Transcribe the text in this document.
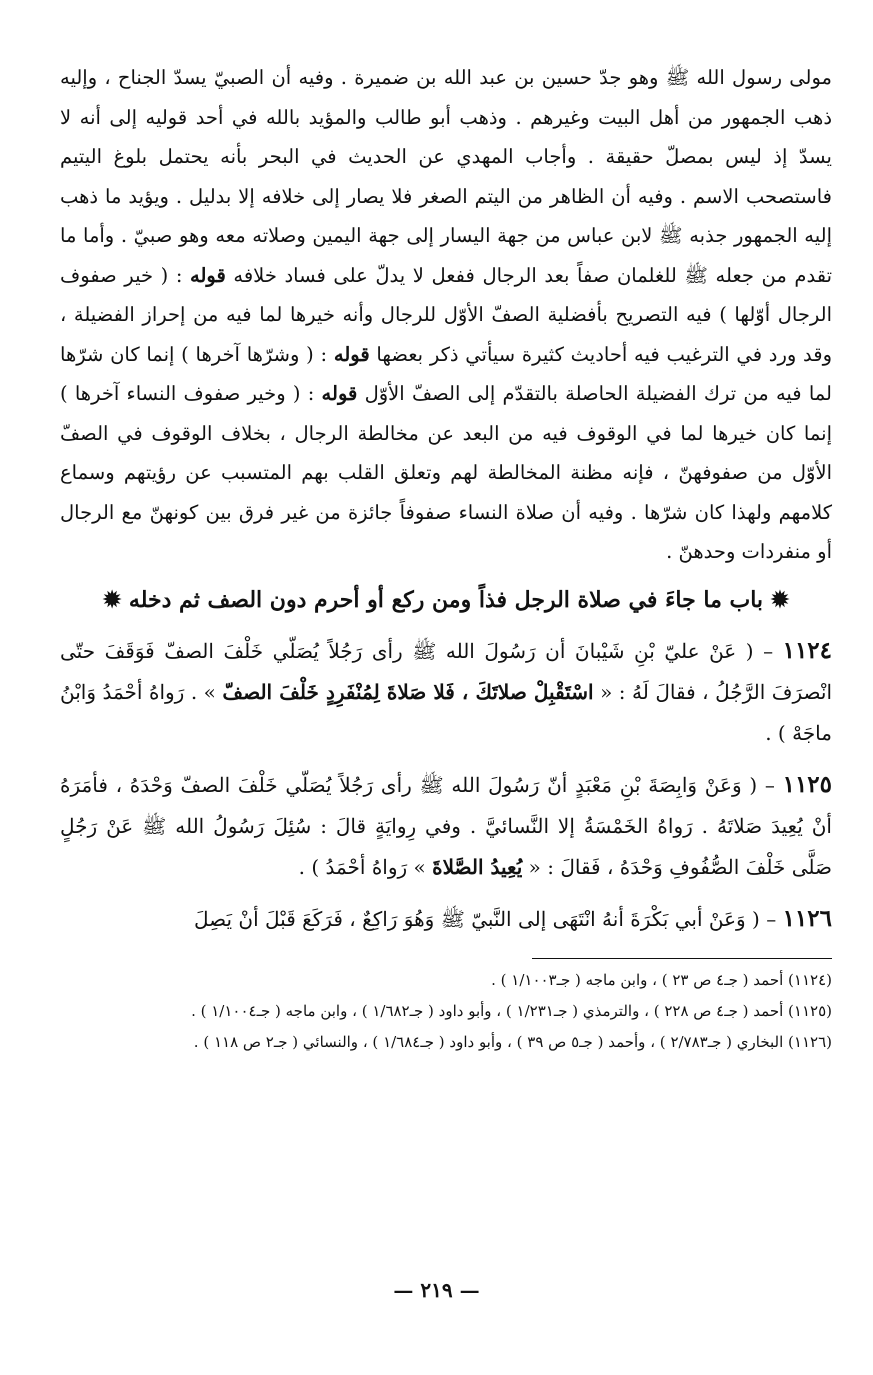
مولى رسول الله ﷺ وهو جدّ حسين بن عبد الله بن ضميرة . وفيه أن الصبيّ يسدّ الجناح ، وإليه ذهب الجمهور من أهل البيت وغيرهم . وذهب أبو طالب والمؤيد بالله في أحد قوليه إلى أنه لا يسدّ إذ ليس بمصلّ حقيقة . وأجاب المهدي عن الحديث في البحر بأنه يحتمل بلوغ اليتيم فاستصحب الاسم . وفيه أن الظاهر من اليتم الصغر فلا يصار إلى خلافه إلا بدليل . ويؤيد ما ذهب إليه الجمهور جذبه ﷺ لابن عباس من جهة اليسار إلى جهة اليمين وصلاته معه وهو صبيّ . وأما ما تقدم من جعله ﷺ للغلمان صفاً بعد الرجال ففعل لا يدلّ على فساد خلافه قوله : ( خير صفوف الرجال أوّلها ) فيه التصريح بأفضلية الصفّ الأوّل للرجال وأنه خيرها لما فيه من إحراز الفضيلة ، وقد ورد في الترغيب فيه أحاديث كثيرة سيأتي ذكر بعضها قوله : ( وشرّها آخرها ) إنما كان شرّها لما فيه من ترك الفضيلة الحاصلة بالتقدّم إلى الصفّ الأوّل قوله : ( وخير صفوف النساء آخرها ) إنما كان خيرها لما في الوقوف فيه من البعد عن مخالطة الرجال ، بخلاف الوقوف في الصفّ الأوّل من صفوفهنّ ، فإنه مظنة المخالطة لهم وتعلق القلب بهم المتسبب عن رؤيتهم وسماع كلامهم ولهذا كان شرّها . وفيه أن صلاة النساء صفوفاً جائزة من غير فرق بين كونهنّ مع الرجال أو منفردات وحدهنّ .

✹ باب ما جاءَ في صلاة الرجل فذاً ومن ركع أو أحرم دون الصف ثم دخله ✹

١١٢٤ – ( عَنْ عليّ بْنِ شَيْبانَ أن رَسُولَ الله ﷺ رأى رَجُلاً يُصَلّي خَلْفَ الصفّ فَوَقَفَ حتّى انْصرَفَ الرَّجُلُ ، فقالَ لَهُ : « اسْتَقْبِلْ صلاتَكَ ، فَلا صَلاةَ لِمُنْفَرِدٍ خَلْفَ الصفّ » . رَواهُ أحْمَدُ وَابْنُ ماجَهْ ) .

١١٢٥ – ( وَعَنْ وَابِصَةَ بْنِ مَعْبَدٍ أنّ رَسُولَ الله ﷺ رأى رَجُلاً يُصَلّي خَلْفَ الصفّ وَحْدَهُ ، فأمَرَهُ أنْ يُعِيدَ صَلاتَهُ . رَواهُ الخَمْسَةُ إلا النَّسائيَّ . وفي رِوايَةٍ قالَ : سُئِلَ رَسُولُ الله ﷺ عَنْ رَجُلٍ صَلَّى خَلْفَ الصُّفُوفِ وَحْدَهُ ، فَقالَ : « يُعِيدُ الصَّلاةَ » رَواهُ أحْمَدُ ) .

١١٢٦ – ( وَعَنْ أبي بَكْرَةَ أنهُ انْتَهَى إلى النَّبيّ ﷺ وَهُوَ رَاكِعٌ ، فَرَكَعَ قَبْلَ أنْ يَصِلَ

(١١٢٤) أحمد ( جـ٤ ص ٢٣ ) ، وابن ماجه ( جـ١/١٠٠٣ ) .

(١١٢٥) أحمد ( جـ٤ ص ٢٢٨ ) ، والترمذي ( جـ١/٢٣١ ) ، وأبو داود ( جـ١/٦٨٢ ) ، وابن ماجه ( جـ١/١٠٠٤ ) .

(١١٢٦) البخاري ( جـ٢/٧٨٣ ) ، وأحمد ( جـ٥ ص ٣٩ ) ، وأبو داود ( جـ١/٦٨٤ ) ، والنسائي ( جـ٢ ص ١١٨ ) .

— ٢١٩ —
